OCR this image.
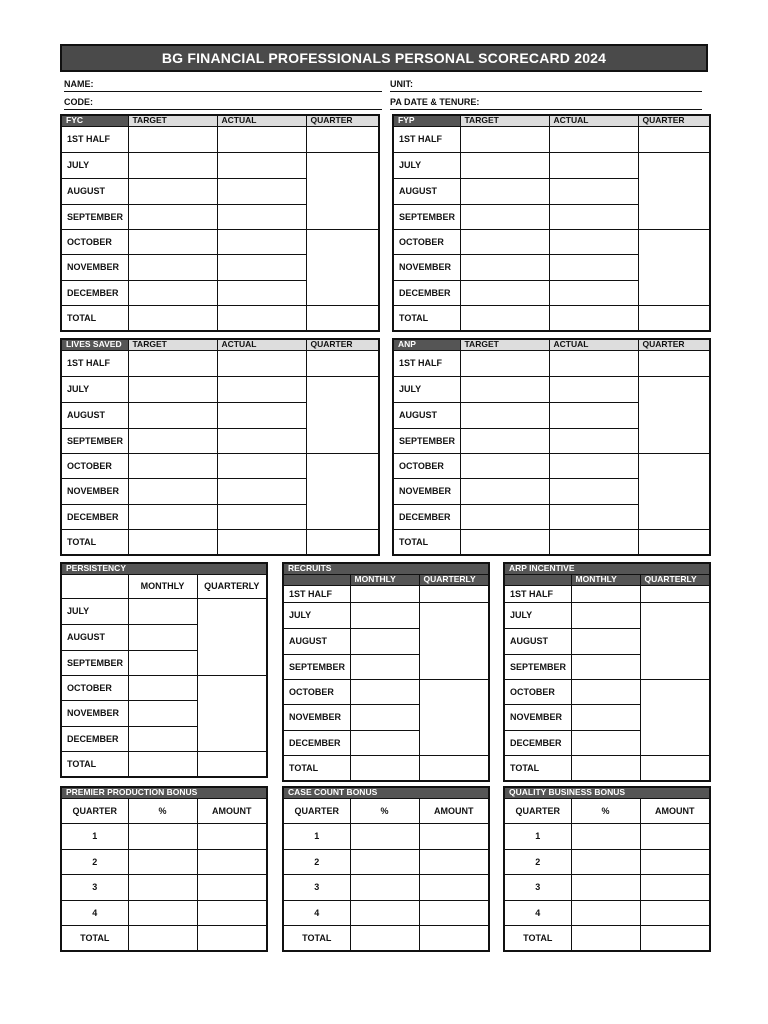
BG FINANCIAL PROFESSIONALS PERSONAL SCORECARD 2024
NAME:	UNIT:
CODE:	PA DATE & TENURE:
FYC	TARGET	ACTUAL	QUARTER
1ST HALF			
JULY			
AUGUST			
SEPTEMBER			
OCTOBER			
NOVEMBER			
DECEMBER			
TOTAL			
FYP	TARGET	ACTUAL	QUARTER
1ST HALF			
JULY			
AUGUST			
SEPTEMBER			
OCTOBER			
NOVEMBER			
DECEMBER			
TOTAL			
LIVES SAVED	TARGET	ACTUAL	QUARTER
1ST HALF			
JULY			
AUGUST			
SEPTEMBER			
OCTOBER			
NOVEMBER			
DECEMBER			
TOTAL			
ANP	TARGET	ACTUAL	QUARTER
1ST HALF			
JULY			
AUGUST			
SEPTEMBER			
OCTOBER			
NOVEMBER			
DECEMBER			
TOTAL			
PERSISTENCY		
	MONTHLY	QUARTERLY
JULY		
AUGUST		
SEPTEMBER		
OCTOBER		
NOVEMBER		
DECEMBER		
TOTAL		
RECRUITS		
	MONTHLY	QUARTERLY
1ST HALF		
JULY		
AUGUST		
SEPTEMBER		
OCTOBER		
NOVEMBER		
DECEMBER		
TOTAL		
ARP INCENTIVE		
	MONTHLY	QUARTERLY
1ST HALF		
JULY		
AUGUST		
SEPTEMBER		
OCTOBER		
NOVEMBER		
DECEMBER		
TOTAL		
PREMIER PRODUCTION BONUS		
QUARTER	%	AMOUNT
1		
2		
3		
4		
TOTAL		
CASE COUNT BONUS		
QUARTER	%	AMOUNT
1		
2		
3		
4		
TOTAL		
QUALITY BUSINESS BONUS		
QUARTER	%	AMOUNT
1		
2		
3		
4		
TOTAL		
